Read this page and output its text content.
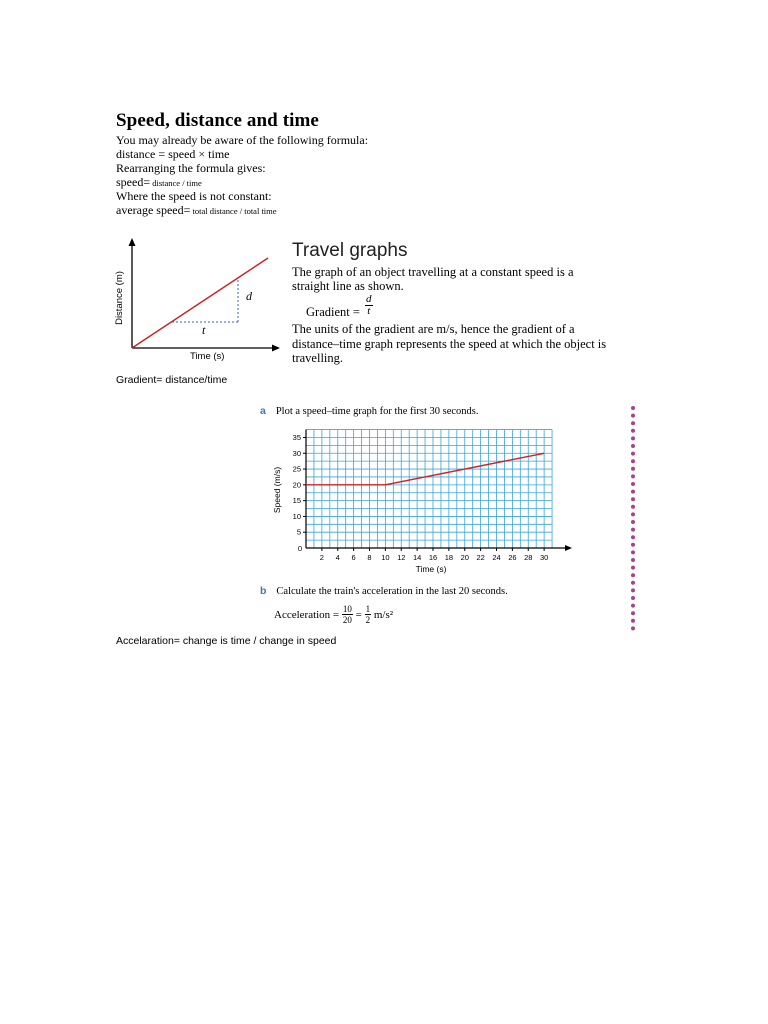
Speed, distance and time
You may already be aware of the following formula:
distance = speed × time
Rearranging the formula gives:
speed= distance / time
Where the speed is not constant:
average speed= total distance / total time
d
t
Time (s)
Distance (m)
Travel graphs
The graph of an object travelling at a constant speed is a
straight line as shown.
Gradient = $\frac{d}{t}$
The units of the gradient are m/s, hence the gradient of a
distance–time graph represents the speed at which the object is
travelling.
Gradient= distance/time
a Plot a speed–time graph for the first 30 seconds.
2 4 6 8 10 12 14 16 18 20 22 24 26 28 30
0
5
10
15
20
25
30
35
Time (s)
Speed (m/s)
b Calculate the train's acceleration in the last 20 seconds.
Acceleration = $\frac{10}{20} = \frac{1}{2} m/s^2$
Accelaration= change is time / change in speed
